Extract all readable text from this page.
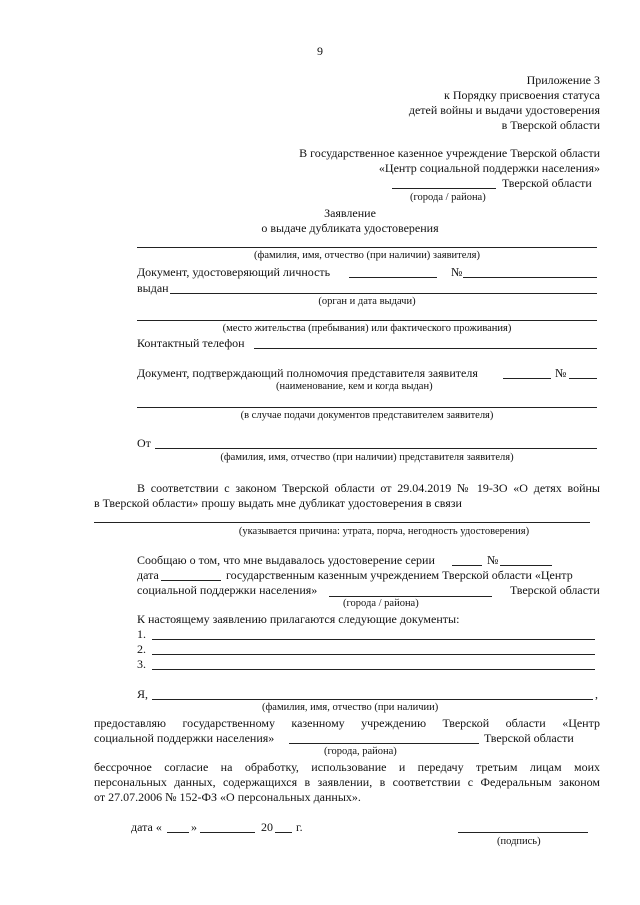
9
Приложение 3
к Порядку присвоения статуса
детей войны и выдачи удостоверения
в Тверской области
В государственное казенное учреждение Тверской области
«Центр социальной поддержки населения»
Тверской области
(города / района)
Заявление
о выдаче дубликата удостоверения
(фамилия, имя, отчество (при наличии) заявителя)
Документ, удостоверяющий личность	№
выдан
(орган и дата выдачи)
(место жительства (пребывания) или фактического проживания)
Контактный телефон
Документ, подтверждающий полномочия представителя заявителя	№
(наименование, кем и когда выдан)
(в случае подачи документов представителем заявителя)
От
(фамилия, имя, отчество (при наличии) представителя заявителя)
В соответствии с законом Тверской области от 29.04.2019 № 19-ЗО «О детях войны
в Тверской области» прошу выдать мне дубликат удостоверения в связи
(указывается причина: утрата, порча, негодность удостоверения)
Сообщаю о том, что мне выдавалось удостоверение серии	№
дата	государственным казенным учреждением Тверской области «Центр
социальной поддержки населения»	Тверской области
(города / района)
К настоящему заявлению прилагаются следующие документы:
1.
2.
3.
Я,	,
(фамилия, имя, отчество (при наличии)
предоставляю государственному казенному учреждению Тверской области «Центр
социальной поддержки населения»	Тверской области
(города, района)
бессрочное согласие на обработку, использование и передачу третьим лицам моих
персональных данных, содержащихся в заявлении, в соответствии с Федеральным законом
от 27.07.2006 № 152-ФЗ «О персональных данных».
дата « »	20 г.
(подпись)
